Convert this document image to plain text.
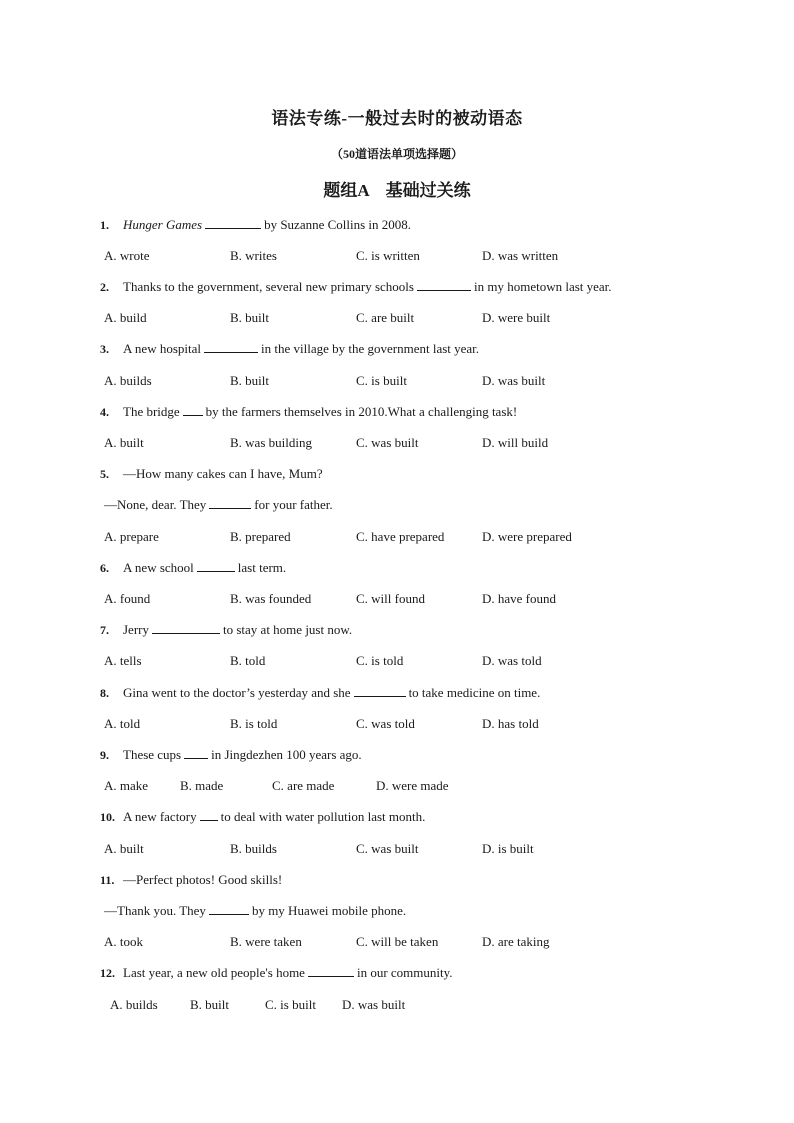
语法专练-一般过去时的被动语态
（50道语法单项选择题）
题组A　基础过关练
1. Hunger Games	by Suzanne Collins in 2008.
A. wrote	B. writes	C. is written	D. was written
2. Thanks to the government, several new primary schools	in my hometown last year.
A. build	B. built	C. are built	D. were built
3. A new hospital	in the village by the government last year.
A. builds	B. built	C. is built	D. was built
4. The bridge by the farmers themselves in 2010.What a challenging task!
A. built	B. was building	C. was built	D. will build
5. —How many cakes can I have, Mum?
—None, dear. They	for your father.
A. prepare	B. prepared	C. have prepared	D. were prepared
6. A new school	last term.
A. found	B. was founded	C. will found	D. have found
7. Jerry	to stay at home just now.
A. tells	B. told	C. is told	D. was told
8. Gina went to the doctor’s yesterday and she	to take medicine on time.
A. told	B. is told	C. was told	D. has told
9. These cups in Jingdezhen 100 years ago.
A. make B. made	C. are made	D. were made
10. A new factory to deal with water pollution last month.
A. built	B. builds	C. was built	D. is built
11. —Perfect photos! Good skills!
—Thank you. They	by my Huawei mobile phone.
A. took	B. were taken	C. will be taken	D. are taking
12. Last year, a new old people's home	in our community.
A. builds B. built	C. is built D. was built
